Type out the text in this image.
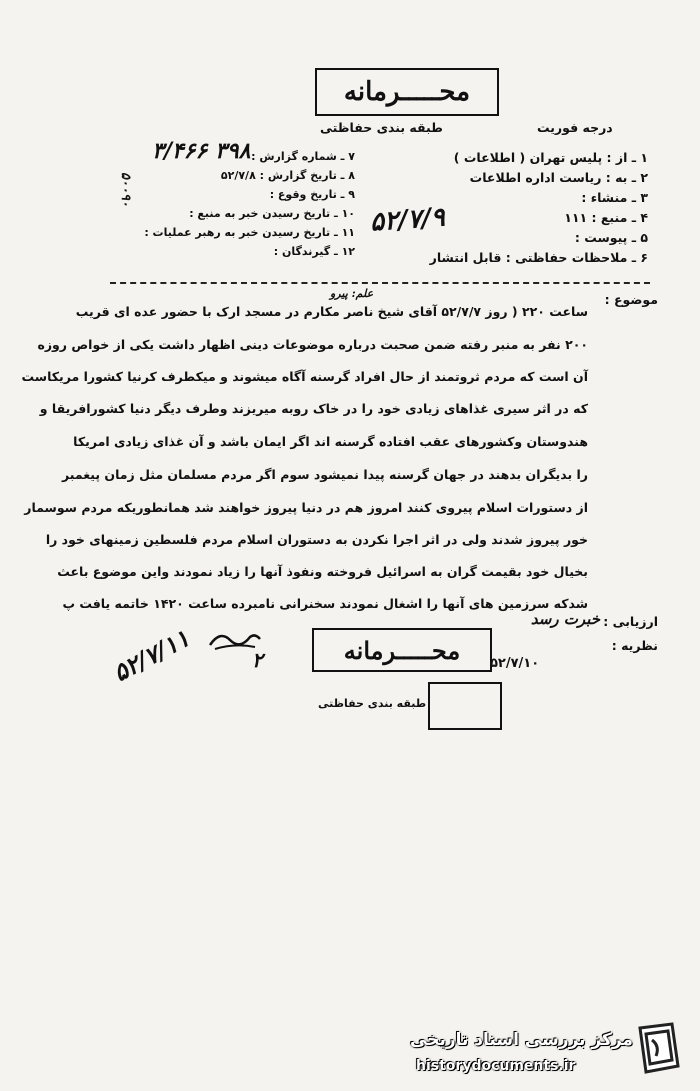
محـــــرمانه
طبقه بندی حفاظتی	درجه فوریت
۳/۴۶۶ ۳۹۸
۵۰۰۹۰
۵۲/۷/۹
۱ ـ از : پلیس تهران ( اطلاعات )
۲ ـ به : ریاست اداره اطلاعات
۳ ـ منشاء :
۴ ـ منبع : ۱۱۱
۵ ـ پیوست :
۶ ـ ملاحظات حفاظتی : قابل انتشار
۷ ـ شماره گزارش :
۸ ـ تاریخ گزارش : ۵۲/۷/۸
۹ ـ تاریخ وقوع :
۱۰ ـ تاریخ رسیدن خبر به منبع :
۱۱ ـ تاریخ رسیدن خبر به رهبر عملیات :
۱۲ ـ گیرندگان :
موضوع :
علم: پیرو
ساعت ۲۲۰ ( روز ۵۲/۷/۷ آقای شیخ ناصر مکارم در مسجد ارک با حضور عده ای قریب
۲۰۰ نفر به منبر رفته ضمن صحبت درباره موضوعات دینی اظهار داشت یکی از خواص روزه
آن است که مردم ثروتمند از حال افراد گرسنه آگاه میشوند و میکطرف کرنیا کشورا مریکاست
که در اثر سیری غذاهای زیادی خود را در خاک روبه میریزند وطرف دیگر دنیا کشورافریقا و
هندوستان وکشورهای عقب افتاده گرسنه اند اگر ایمان باشد و آن غذای زیادی امریکا
را بدیگران بدهند در جهان گرسنه پیدا نمیشود سوم اگر مردم مسلمان مثل زمان پیغمبر
از دستورات اسلام پیروی کنند امروز هم در دنیا پیروز خواهند شد همانطوریکه مردم سوسمار
خور پیروز شدند ولی در اثر اجرا نکردن به دستوران اسلام مردم فلسطین زمینهای خود را
بخیال خود بقیمت گران به اسرائیل فروخته ونفوذ آنها را زیاد نمودند واین موضوع باعث
شدکه سرزمین های آنها را اشغال نمودند سخنرانی نامبرده ساعت ۱۴۲۰ خاتمه یافت پ
ارزیابی :
خبرت رسد
نظریه :
۵۲/۷/۱۰
محـــــرمانه
طبقه بندی حفاظتی
۵۲/۷/۱۱	۲
مرکز بررسی اسناد تاریخی
historydocuments.ir
